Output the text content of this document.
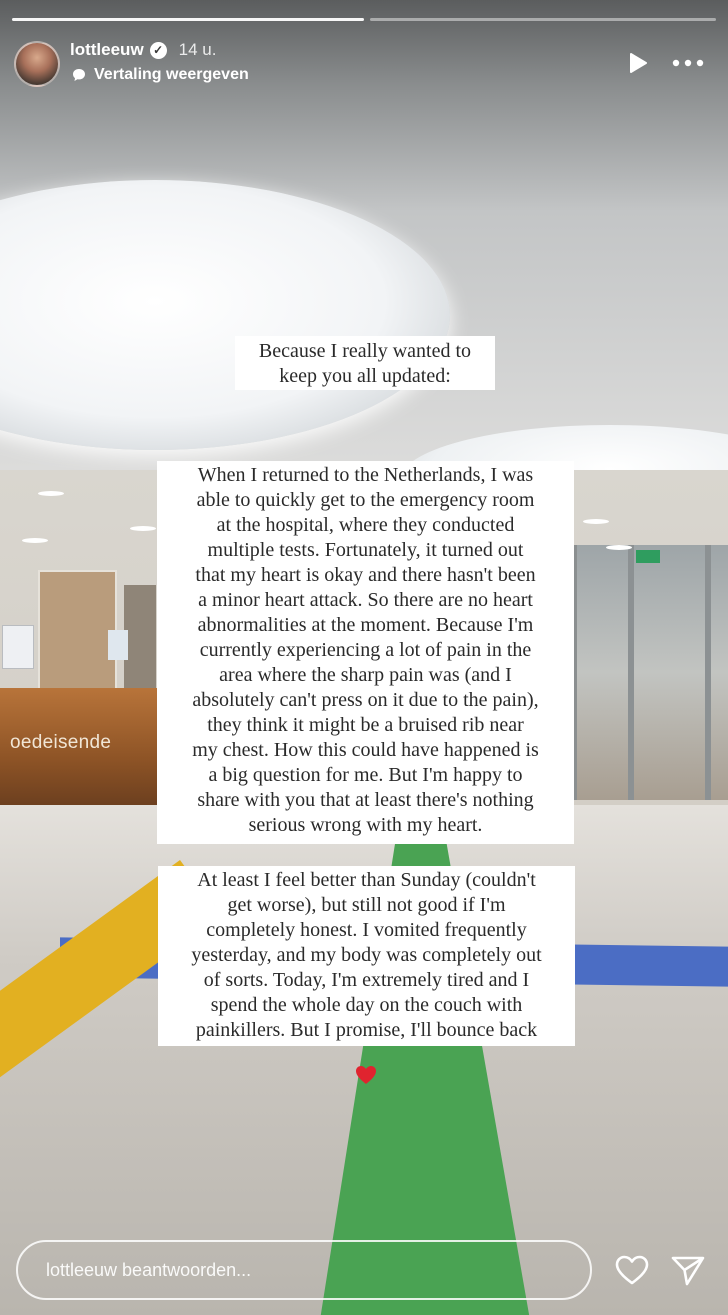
oedeisende
lottleeuw ✓ 14 u.
Vertaling weergeven
Because I really wanted to
keep you all updated:
When I returned to the Netherlands, I was
able to quickly get to the emergency room
at the hospital, where they conducted
multiple tests. Fortunately, it turned out
that my heart is okay and there hasn't been
a minor heart attack. So there are no heart
abnormalities at the moment. Because I'm
currently experiencing a lot of pain in the
area where the sharp pain was (and I
absolutely can't press on it due to the pain),
they think it might be a bruised rib near
my chest. How this could have happened is
a big question for me. But I'm happy to
share with you that at least there's nothing
serious wrong with my heart.
At least I feel better than Sunday (couldn't
get worse), but still not good if I'm
completely honest. I vomited frequently
yesterday, and my body was completely out
of sorts. Today, I'm extremely tired and I
spend the whole day on the couch with
painkillers. But I promise, I'll bounce back
lottleeuw beantwoorden...
